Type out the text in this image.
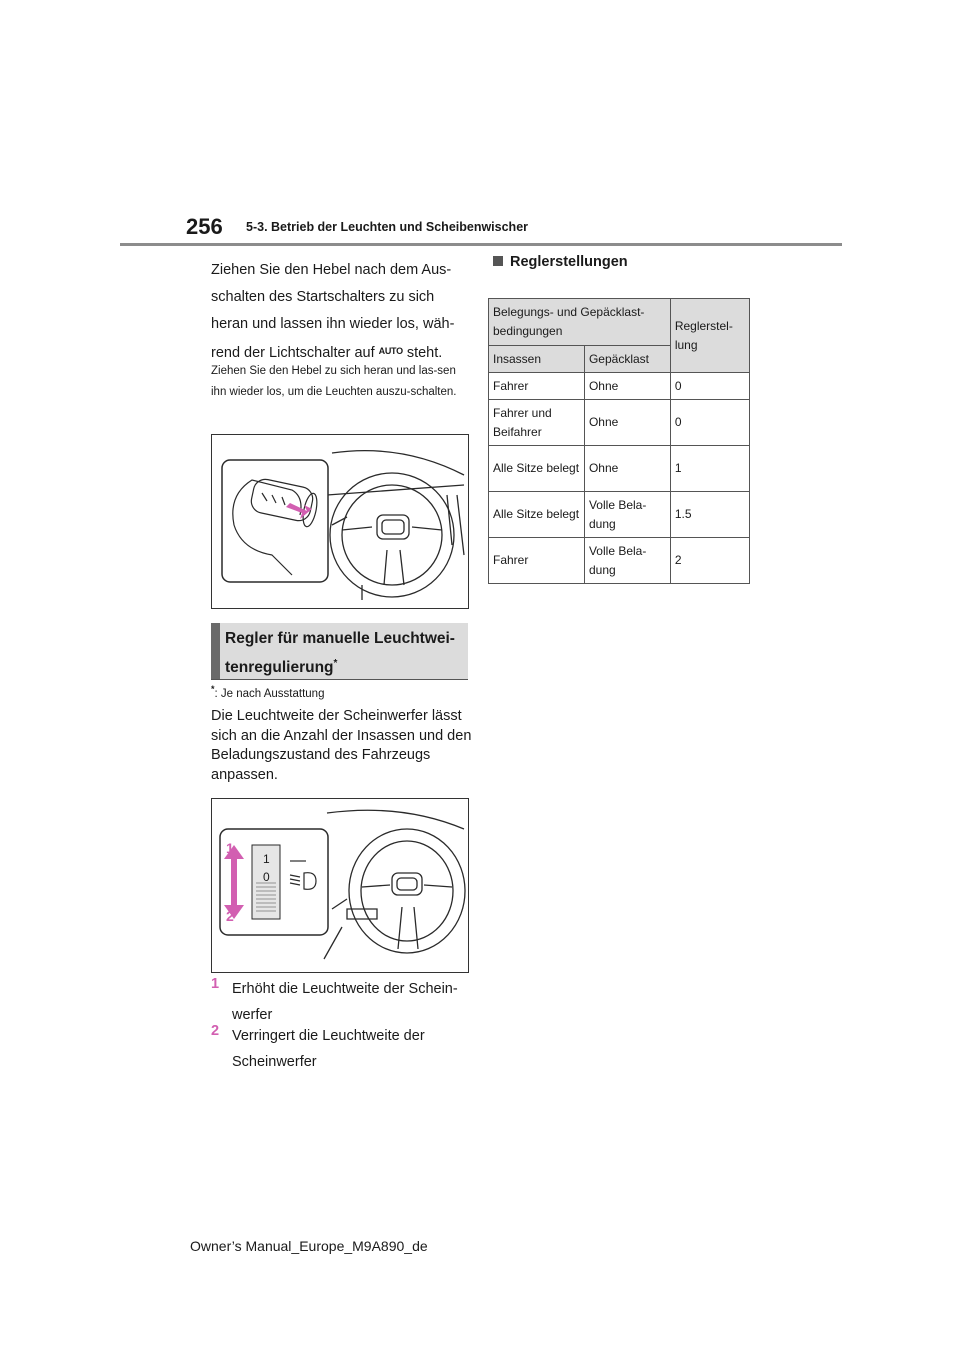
256 5-3. Betrieb der Leuchten und Scheibenwischer
Ziehen Sie den Hebel nach dem Aus-schalten des Startschalters zu sich heran und lassen ihn wieder los, wäh-rend der Lichtschalter auf $^{AUTO}$ steht.
Ziehen Sie den Hebel zu sich heran und las-sen ihn wieder los, um die Leuchten auszu-schalten.
Regler für manuelle Leuchtwei-tenregulierung*
*: Je nach Ausstattung
Die Leuchtweite der Scheinwerfer lässt sich an die Anzahl der Insassen und den Beladungszustand des Fahrzeugs anpassen.
1
0
1
2
1 Erhöht die Leuchtweite der Schein-werfer
2 Verringert die Leuchtweite der Scheinwerfer
Reglerstellungen
Belegungs- und Gepäcklast-bedingungen		Reglerstel-lung
Insassen	Gepäcklast	
Fahrer	Ohne	0
Fahrer und Beifahrer	Ohne	0
Alle Sitze belegt	Ohne	1
Alle Sitze belegt	Volle Bela-dung	1.5
Fahrer	Volle Bela-dung	2
Owner’s Manual_Europe_M9A890_de
